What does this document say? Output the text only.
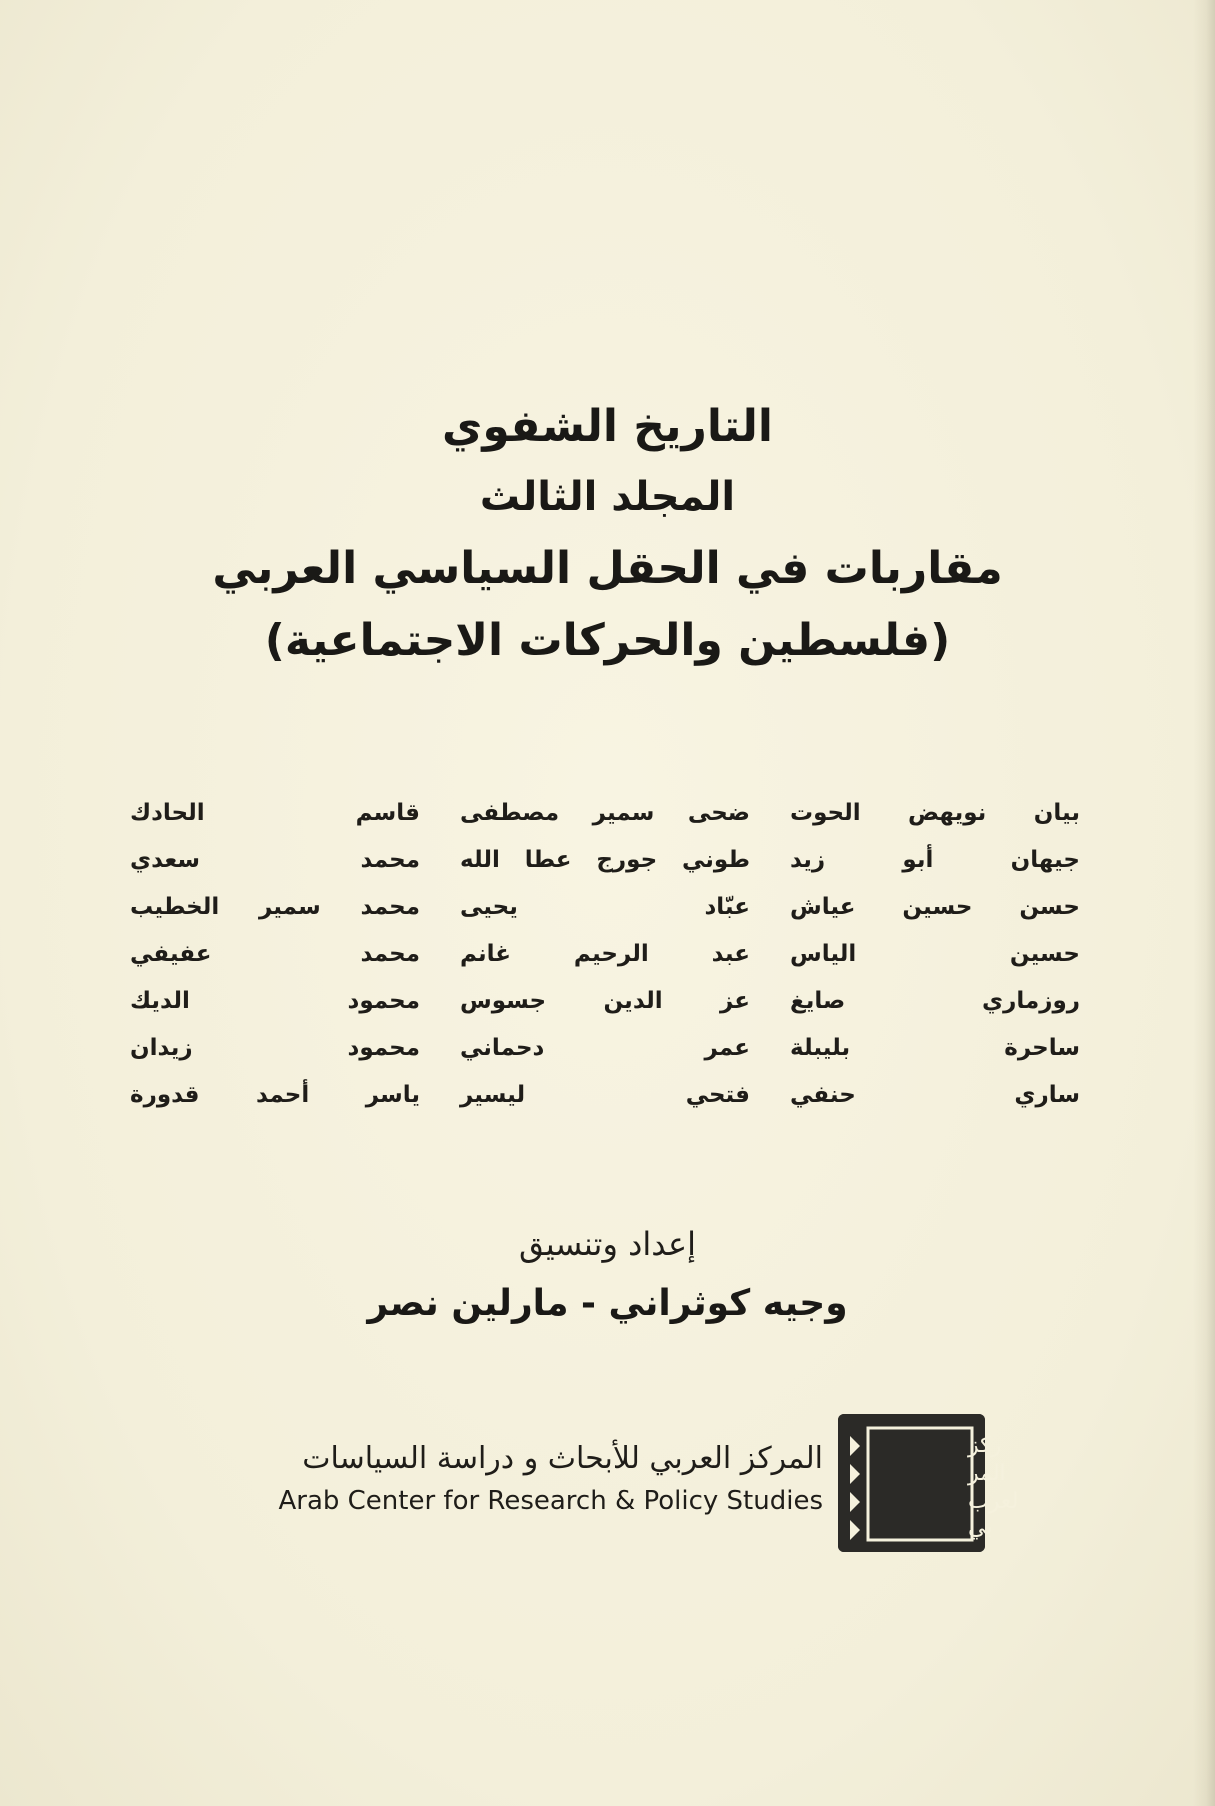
التاريخ الشفوي
المجلد الثالث
مقاربات في الحقل السياسي العربي
(فلسطين والحركات الاجتماعية)
بيان نويهض الحوت
جيهان أبو زيد
حسن حسين عياش
حسين الياس
روزماري صايغ
ساحرة بليبلة
ساري حنفي
ضحى سمير مصطفى
طوني جورج عطا الله
عبّاد يحيى
عبد الرحيم غانم
عز الدين جسوس
عمر دحماني
فتحي ليسير
قاسم الحادك
محمد سعدي
محمد سمير الخطيب
محمد عفيفي
محمود الديك
محمود زيدان
ياسر أحمد قدورة
إعداد وتنسيق
وجيه كوثراني - مارلين نصر
ركز
المر
لعرب
بي
المركز العربي للأبحاث و دراسة السياسات
Arab Center for Research & Policy Studies
